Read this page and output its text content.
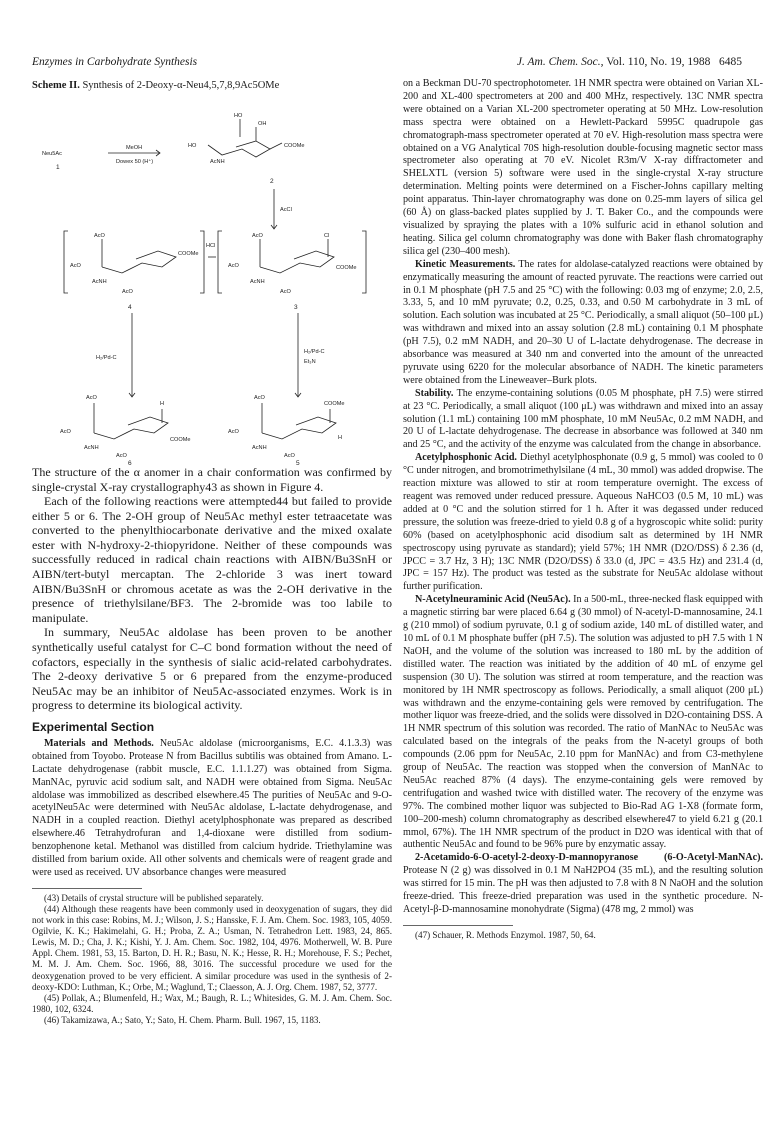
Enzymes in Carbohydrate Synthesis	J. Am. Chem. Soc., Vol. 110, No. 19, 1988 6485
Scheme II. Synthesis of 2-Deoxy-α-Neu4,5,7,8,9Ac5OMe
Neu5Ac
1
MeOH
Dowex 50 (H⁺)
HO
HO
OH
COOMe
AcNH
2
AcCl
AcO
AcO
COOMe
AcNH
AcO
4
HCl
AcO
AcO
Cl
COOMe
AcNH
AcO
3
H₂/Pd-C
H₂/Pd-C
Et₃N
AcO
AcO
H
COOMe
AcNH
AcO
6
AcO
AcO
COOMe
H
AcNH
AcO
5

The structure of the α anomer in a chair conformation was confirmed by single-crystal X-ray crystallography43 as shown in Figure 4.

Each of the following reactions were attempted44 but failed to provide either 5 or 6. The 2-OH group of Neu5Ac methyl ester tetraacetate was converted to the phenylthiocarbonate derivative and the mixed oxalate ester with N-hydroxy-2-thiopyridone. Neither of these compounds was successfully reduced in radical chain reactions with AIBN/Bu3SnH or AIBN/tert-butyl mercaptan. The 2-chloride 3 was inert toward AIBN/Bu3SnH or chromous acetate as was the 2-OH derivative in the presence of triethylsilane/BF3. The 2-bromide was too labile to manipulate.

In summary, Neu5Ac aldolase has been proven to be another synthetically useful catalyst for C–C bond formation without the need of cofactors, especially in the synthesis of sialic acid-related carbohydrates. The 2-deoxy derivative 5 or 6 prepared from the enzyme-produced Neu5Ac may be an inhibitor of Neu5Ac-associated enzymes. Work is in progress to determine its biological activity.

Experimental Section

Materials and Methods. Neu5Ac aldolase (microorganisms, E.C. 4.1.3.3) was obtained from Toyobo. Protease N from Bacillus subtilis was obtained from Amano. L-Lactate dehydrogenase (rabbit muscle, E.C. 1.1.1.27) was obtained from Sigma. ManNAc, pyruvic acid sodium salt, and NADH were obtained from Sigma. Neu5Ac aldolase was immobilized as described elsewhere.45 The purities of Neu5Ac and 9-O-acetylNeu5Ac were determined with Neu5Ac aldolase, L-lactate dehydrogenase, and NADH in a coupled reaction. Diethyl acetylphosphonate was prepared as described elsewhere.46 Tetrahydrofuran and 1,4-dioxane were distilled from sodium-benzophenone ketal. Methanol was distilled from calcium hydride. Triethylamine was distilled from barium oxide. All other solvents and chemicals were of reagent grade and were used as received. UV absorbance changes were measured

(43) Details of crystal structure will be published separately.

(44) Although these reagents have been commonly used in deoxygenation of sugars, they did not work in this case: Robins, M. J.; Wilson, J. S.; Hansske, F. J. Am. Chem. Soc. 1983, 105, 4059. Ogilvie, K. K.; Hakimelahi, G. H.; Proba, Z. A.; Usman, N. Tetrahedron Lett. 1983, 24, 865. Lewis, M. D.; Cha, J. K.; Kishi, Y. J. Am. Chem. Soc. 1982, 104, 4976. Motherwell, W. B. Pure Appl. Chem. 1981, 53, 15. Barton, D. H. R.; Basu, N. K.; Hesse, R. H.; Morehouse, F. S.; Pechet, M. M. J. Am. Chem. Soc. 1966, 88, 3016. The successful procedure we used for the deoxygenation proved to be very efficient. A similar procedure was used in the synthesis of 2-deoxy-KDO: Luthman, K.; Orbe, M.; Waglund, T.; Claesson, A. J. Org. Chem. 1987, 52, 3777.

(45) Pollak, A.; Blumenfeld, H.; Wax, M.; Baugh, R. L.; Whitesides, G. M. J. Am. Chem. Soc. 1980, 102, 6324.

(46) Takamizawa, A.; Sato, Y.; Sato, H. Chem. Pharm. Bull. 1967, 15, 1183.

on a Beckman DU-70 spectrophotometer. 1H NMR spectra were obtained on Varian XL-200 and XL-400 spectrometers at 200 and 400 MHz, respectively. 13C NMR spectra were obtained on a Varian XL-200 spectrometer operating at 50 MHz. Low-resolution mass spectra were obtained on a Hewlett-Packard 5995C quadrupole gas chromatograph-mass spectrometer operated at 70 eV. High-resolution mass spectra were obtained on a VG Analytical 70S high-resolution double-focusing magnetic sector mass spectrometer also operating at 70 eV. Nicolet R3m/V X-ray diffractometer and SHELXTL (version 5) software were used in the single-crystal X-ray structure determination. Melting points were determined on a Fischer-Johns capillary melting point apparatus. Thin-layer chromatography was done on 0.25-mm layers of silica gel (60 Å) on glass-backed plates supplied by J. T. Baker Co., and the compounds were visualized by spraying the plates with a 10% sulfuric acid in ethanol solution and heating. Silica gel column chromatography was done with Baker flash chromatography silica gel (230–400 mesh).

Kinetic Measurements. The rates for aldolase-catalyzed reactions were obtained by enzymatically measuring the amount of reacted pyruvate. The reactions were carried out in 0.1 M phosphate (pH 7.5 and 25 °C) with the following: 0.03 mg of enzyme; 2.0, 2.5, 3.33, 5, and 10 mM pyruvate; 0.2, 0.25, 0.33, and 0.50 M carbohydrate in 3 mL of solution. Each solution was incubated at 25 °C. Periodically, a small aliquot (50–100 μL) was withdrawn and mixed into an assay solution (2.8 mL) containing 0.1 M phosphate (pH 7.5), 0.2 mM NADH, and 20–30 U of L-lactate dehydrogenase. The decrease in absorbance was measured at 340 nm and converted into the amount of the unreacted pyruvate using 6220 for the molecular absorbance of NADH. The kinetic parameters were obtained from the Lineweaver–Burk plots.

Stability. The enzyme-containing solutions (0.05 M phosphate, pH 7.5) were stirred at 23 °C. Periodically, a small aliquot (100 μL) was withdrawn and mixed into an assay solution (1.1 mL) containing 100 mM phosphate, 10 mM Neu5Ac, 0.2 mM NADH, and 20 U of L-lactate dehydrogenase. The decrease in absorbance was followed at 340 nm and 25 °C, and the activity of the enzyme was calculated from the change in absorbance.

Acetylphosphonic Acid. Diethyl acetylphosphonate (0.9 g, 5 mmol) was cooled to 0 °C under nitrogen, and bromotrimethylsilane (4 mL, 30 mmol) was added dropwise. The reaction mixture was allowed to stir at room temperature overnight. The excess of reagent was removed under reduced pressure. Aqueous NaHCO3 (0.5 M, 10 mL) was added at 0 °C and the solution stirred for 1 h. After it was degassed under reduced pressure, the solution was freeze-dried to yield 0.8 g of a hygroscopic white solid: purity 60% (based on acetylphosphonic acid disodium salt as determined by 1H NMR spectroscopy using pyruvate as standard); yield 57%; 1H NMR (D2O/DSS) δ 2.36 (d, JPCC = 3.7 Hz, 3 H); 13C NMR (D2O/DSS) δ 33.0 (d, JPC = 43.5 Hz) and 231.4 (d, JPC = 157 Hz). The product was tested as the substrate for Neu5Ac aldolase without further purification.

N-Acetylneuraminic Acid (Neu5Ac). In a 500-mL, three-necked flask equipped with a magnetic stirring bar were placed 6.64 g (30 mmol) of N-acetyl-D-mannosamine, 24.1 g (210 mmol) of sodium pyruvate, 0.1 g of sodium azide, 140 mL of distilled water, and 10 mL of 0.1 M phosphate buffer (pH 7.5). The solution was adjusted to pH 7.5 with 1 N NaOH, and the volume of the solution was increased to 180 mL by the addition of distilled water. The reaction was initiated by the addition of 40 mL of enzyme gel suspension (30 U). The solution was stirred at room temperature, and the reaction was monitored by 1H NMR spectroscopy as follows. Periodically, a small aliquot (200 μL) was withdrawn and the enzyme-containing gels were removed by centrifugation. The mother liquor was freeze-dried, and the solids were dissolved in D2O-containing DSS. A 1H NMR spectrum of this solution was recorded. The ratio of ManNAc to Neu5Ac was calculated based on the integrals of the peaks from the N-acetyl groups of both compounds (2.06 ppm for Neu5Ac, 2.10 ppm for ManNAc) and from C3-methylene group of Neu5Ac. The reaction was stopped when the conversion of ManNAc to Neu5Ac reached 87% (4 days). The enzyme-containing gels were removed by centrifugation and washed twice with distilled water. The recovery of the enzyme was 97%. The combined mother liquor was subjected to Bio-Rad AG 1-X8 (formate form, 100–200-mesh) column chromatography as described elsewhere47 to yield 6.21 g (20.1 mmol, 67%). The 1H NMR spectrum of the product in D2O was identical with that of authentic Neu5Ac and found to be 96% pure by enzymatic assay.

2-Acetamido-6-O-acetyl-2-deoxy-D-mannopyranose (6-O-Acetyl-ManNAc). Protease N (2 g) was dissolved in 0.1 M NaH2PO4 (35 mL), and the resulting solution was stirred for 15 min. The pH was then adjusted to 7.8 with 8 N NaOH and the solution freeze-dried. This freeze-dried preparation was used in the synthetic procedure. N-Acetyl-β-D-mannosamine monohydrate (Sigma) (478 mg, 2 mmol) was

(47) Schauer, R. Methods Enzymol. 1987, 50, 64.
